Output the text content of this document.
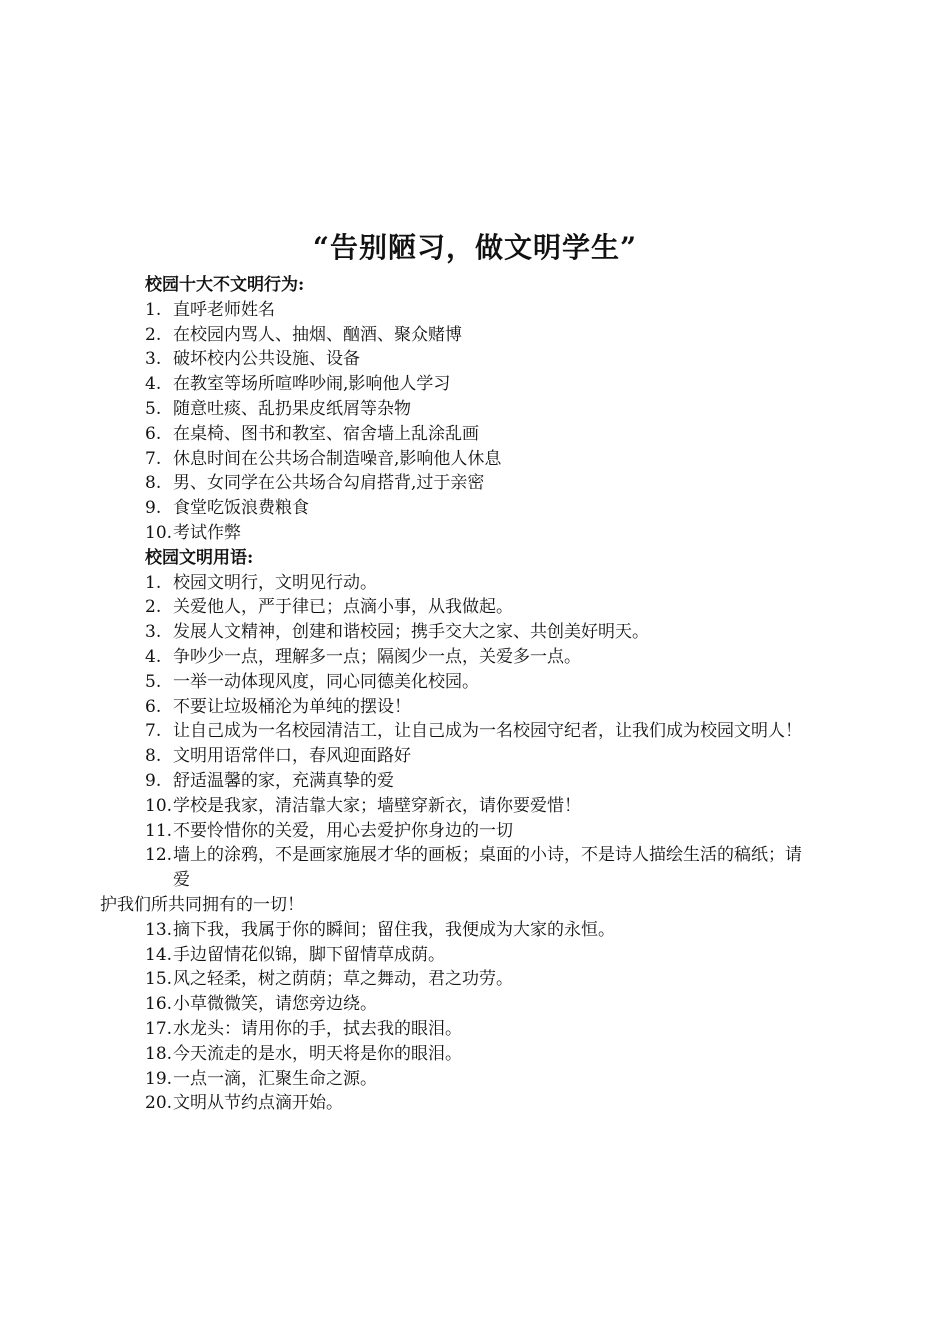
“告别陋习，做文明学生”
校园十大不文明行为:
1. 直呼老师姓名
2. 在校园内骂人、抽烟、酗酒、聚众赌博
3. 破坏校内公共设施、设备
4. 在教室等场所喧哗吵闹,影响他人学习
5. 随意吐痰、乱扔果皮纸屑等杂物
6. 在桌椅、图书和教室、宿舍墙上乱涂乱画
7. 休息时间在公共场合制造噪音,影响他人休息
8. 男、女同学在公共场合勾肩搭背,过于亲密
9. 食堂吃饭浪费粮食
10. 考试作弊
校园文明用语:
1. 校园文明行，文明见行动。
2. 关爱他人，严于律已；点滴小事，从我做起。
3. 发展人文精神，创建和谐校园；携手交大之家、共创美好明天。
4. 争吵少一点，理解多一点；隔阂少一点，关爱多一点。
5. 一举一动体现风度，同心同德美化校园。
6. 不要让垃圾桶沦为单纯的摆设！
7. 让自己成为一名校园清洁工，让自己成为一名校园守纪者，让我们成为校园文明人！
8. 文明用语常伴口，春风迎面路好
9. 舒适温馨的家，充满真挚的爱
10. 学校是我家，清洁靠大家；墙壁穿新衣，请你要爱惜！
11. 不要怜惜你的关爱，用心去爱护你身边的一切
12. 墙上的涂鸦，不是画家施展才华的画板；桌面的小诗，不是诗人描绘生活的稿纸；请爱
护我们所共同拥有的一切！
13. 摘下我，我属于你的瞬间；留住我，我便成为大家的永恒。
14. 手边留情花似锦，脚下留情草成荫。
15. 风之轻柔，树之荫荫；草之舞动，君之功劳。
16. 小草微微笑，请您旁边绕。
17. 水龙头：请用你的手，拭去我的眼泪。
18. 今天流走的是水，明天将是你的眼泪。
19. 一点一滴，汇聚生命之源。
20. 文明从节约点滴开始。
